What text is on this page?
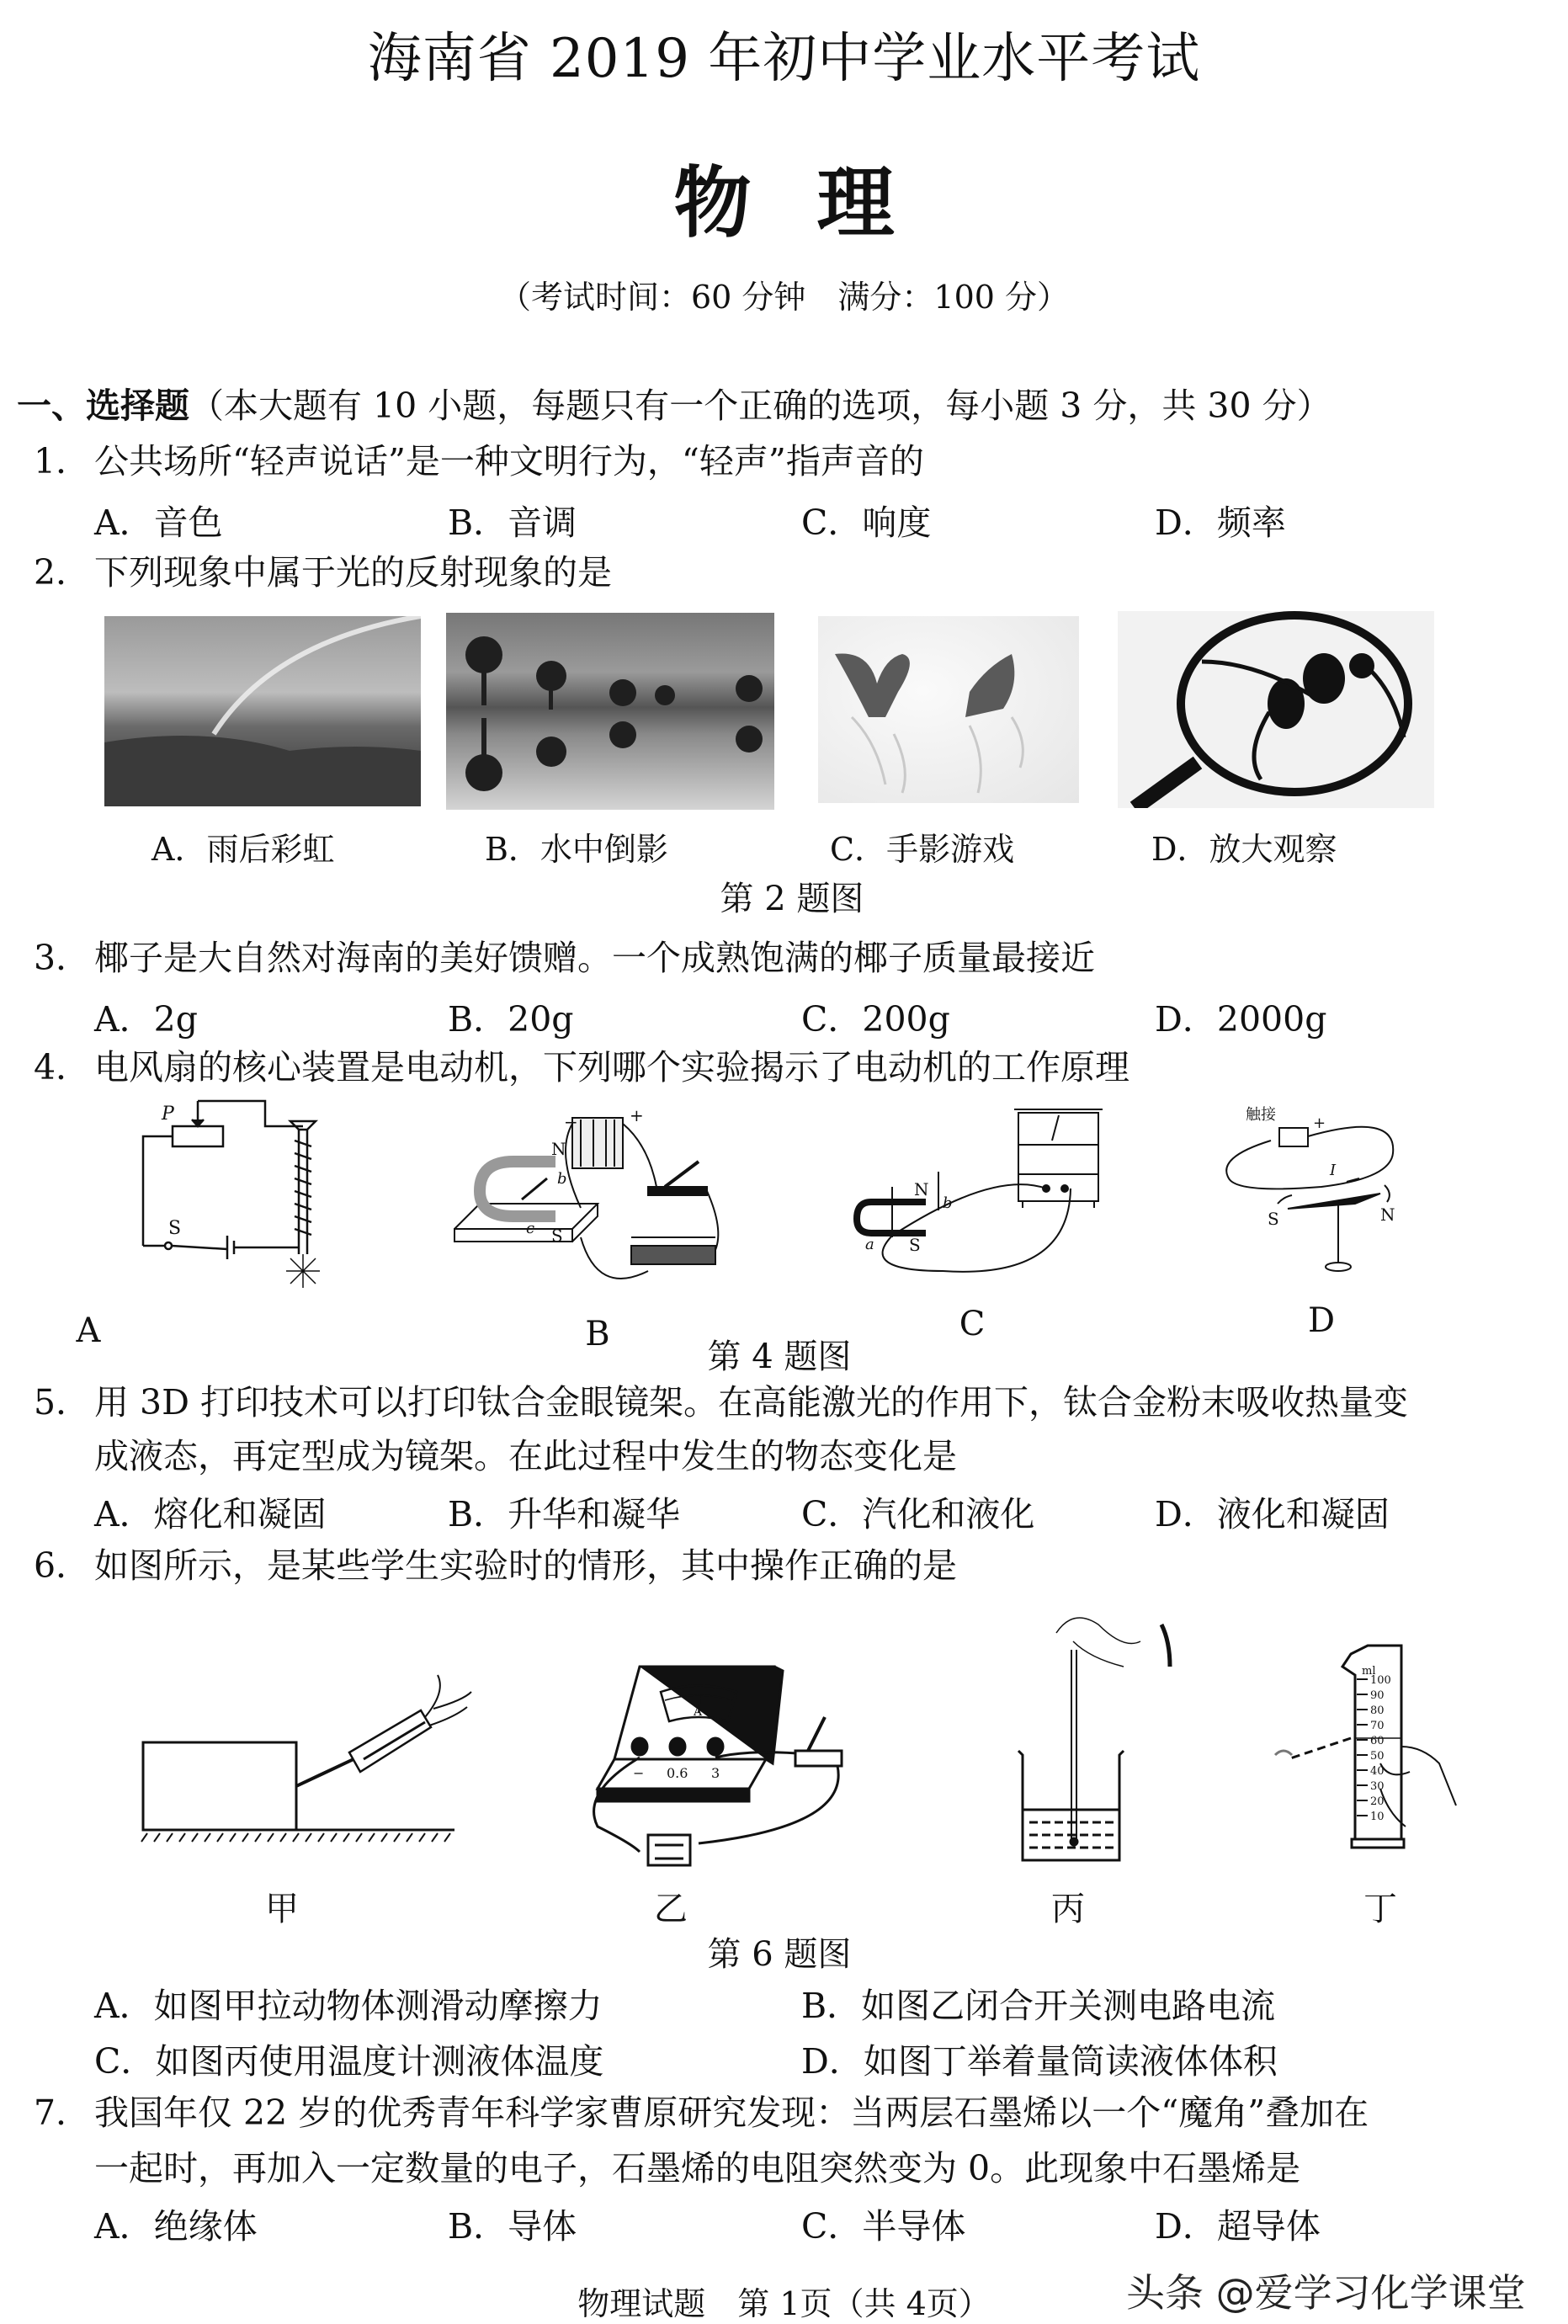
海南省 2019 年初中学业水平考试
物理
（考试时间：60 分钟　满分：100 分）
一、选择题（本大题有 10 小题，每题只有一个正确的选项，每小题 3 分，共 30 分）
1． 公共场所“轻声说话”是一种文明行为，“轻声”指声音的
A．音色	B．音调	C．响度	D．频率
2． 下列现象中属于光的反射现象的是
A．雨后彩虹	B．水中倒影	C．手影游戏	D．放大观察
第 2 题图
3． 椰子是大自然对海南的美好馈赠。一个成熟饱满的椰子质量最接近
A．2g	B．20g	C．200g	D．2000g
4． 电风扇的核心装置是电动机，下列哪个实验揭示了电动机的工作原理
P
S
N
S
b
c
−	+
N
S
a
b
触接 +
I
S	N
A	B	C	D
第 4 题图
5． 用 3D 打印技术可以打印钛合金眼镜架。在高能激光的作用下，钛合金粉末吸收热量变
成液态，再定型成为镜架。在此过程中发生的物态变化是
A．熔化和凝固	B．升华和凝华	C．汽化和液化	D．液化和凝固
6． 如图所示，是某些学生实验时的情形，其中操作正确的是
− 0.6 3
A
ml
100
90
80
70
60
50
40
30
20
10
甲	乙	丙	丁
第 6 题图
A．如图甲拉动物体测滑动摩擦力	B．如图乙闭合开关测电路电流
C．如图丙使用温度计测液体温度	D．如图丁举着量筒读液体体积
7． 我国年仅 22 岁的优秀青年科学家曹原研究发现：当两层石墨烯以一个“魔角”叠加在
一起时，再加入一定数量的电子，石墨烯的电阻突然变为 0。此现象中石墨烯是
A．绝缘体	B．导体	C．半导体	D．超导体
头条 @爱学习化学课堂
物理试题　第 1页（共 4页）
